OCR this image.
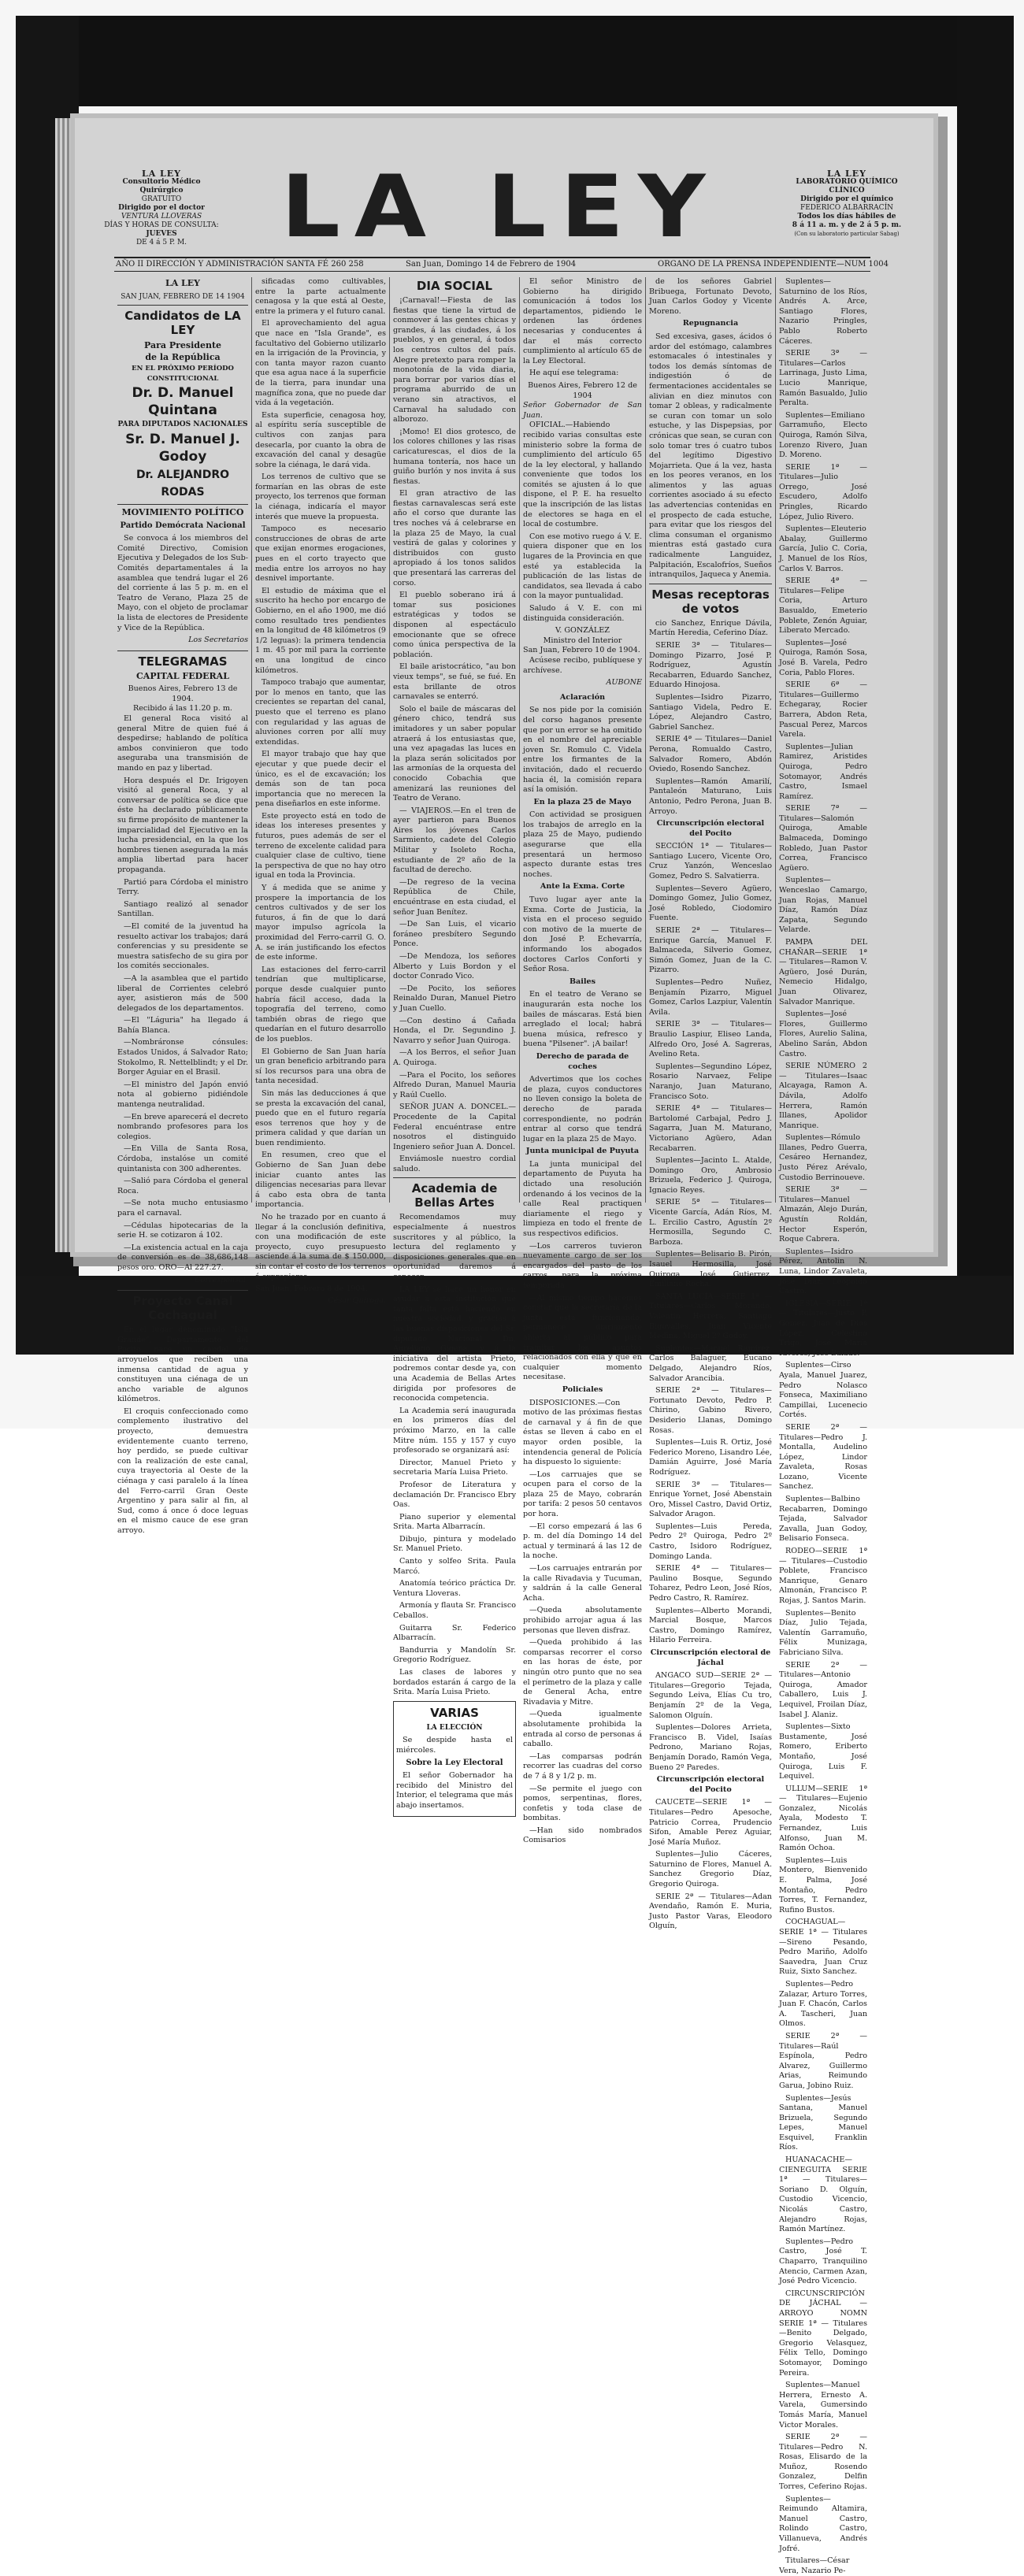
LA LEY
Consultorio Médico Quirúrgico
GRATUITO
Dirigido por el doctor
VENTURA LLOVERAS
DÍAS Y HORAS DE CONSULTA:
JUEVES
DE 4 á 5 P. M.	LA LEY	LA LEY
LABORATORIO QUÍMICO CLÍNICO
Dirigido por el químico
FEDERICO ALBARRACÍN
Todos los días hábiles de
8 á 11 a. m. y de 2 á 5 p. m.
(Con su laboratorio particular Sabag)
AÑO II DIRECCIÓN Y ADMINISTRACIÓN SANTA FÉ 260 258	San Juan, Domingo 14 de Febrero de 1904	ORGANO DE LA PRENSA INDEPENDIENTE—NUM 1004
LA LEY
SAN JUAN, FEBRERO DE 14 1904
Candidatos de LA LEY
Para Presidente
de la República
EN EL PRÓXIMO PERÍODO CONSTITUCIONAL
Dr. D. Manuel Quintana
PARA DIPUTADOS NACIONALES
Sr. D. Manuel J. Godoy
Dr. ALEJANDRO RODAS
MOVIMIENTO POLÍTICO
Partido Demócrata Nacional

Se convoca á los miembros del Comité Directivo, Comision Ejecutiva y Delegados de los Sub-Comités departamentales á la asamblea que tendrá lugar el 26 del corriente á las 5 p. m. en el Teatro de Verano, Plaza 25 de Mayo, con el objeto de proclamar la lista de electores de Presidente y Vice de la República.

Los Secretarios
TELEGRAMAS
CAPITAL FEDERAL
Buenos Aires, Febrero 13 de 1904.
Recibido á las 11.20 p. m.

El general Roca visitó al general Mitre de quien fué á despedirse; hablando de política ambos convinieron que todo aseguraba una transmisión de mando en paz y libertad.

Hora después el Dr. Irigoyen visitó al general Roca, y al conversar de política se dice que éste ha declarado públicamente su firme propósito de mantener la imparcialidad del Ejecutivo en la lucha presidencial, en la que los hombres tienen asegurada la más amplia libertad para hacer propaganda.

Partió para Córdoba el ministro Terry.

Santiago realizó al senador Santillan.

—El comité de la juventud ha resuelto activar los trabajos; dará conferencias y su presidente se muestra satisfecho de su gira por los comités seccionales.

—A la asamblea que el partido liberal de Corrientes celebró ayer, asistieron más de 500 delegados de los departamentos.

—El "Láguria" ha llegado á Bahía Blanca.

—Nombráronse cónsules: Estados Unidos, á Salvador Rato; Stokolmo, R. Nettelblindt; y el Dr. Borger Aguiar en el Brasil.

—El ministro del Japón envió nota al gobierno pidiéndole mantenga neutralidad.

—En breve aparecerá el decreto nombrando profesores para los colegios.

—En Villa de Santa Rosa, Córdoba, instalóse un comité quintanista con 300 adherentes.

—Salió para Córdoba el general Roca.

—Se nota mucho entusiasmo para el carnaval.

—Cédulas hipotecarias de la serie H. se cotizaron á 102.

—La existencia actual en la caja de conversión es de 38,686,148 pesos oro. ORO—Al 227.27.

Corresponsal.
Proyecto Canal Cochagual

En el lugar denominado "Isla Grande", Departamento del Pocito, nace un caudal de arroyuelos que reciben una inmensa cantidad de agua y constituyen una ciénaga de un ancho variable de algunos kilómetros.

El croquis confeccionado como complemento ilustrativo del proyecto, demuestra evidentemente cuanto terreno, hoy perdido, se puede cultivar con la realización de este canal, cuya trayectoria al Oeste de la ciénaga y casi paralelo á la línea del Ferro-carril Gran Oeste Argentino y para salir al fin, al Sud, como á once ó doce leguas en el mismo cauce de ese gran arroyo.

sificadas como cultivables, entre la parte actualmente cenagosa y la que está al Oeste, entre la primera y el futuro canal.

El aprovechamiento del agua que nace en "Isla Grande", es facultativo del Gobierno utilizarlo en la irrigación de la Provincia, y con tanta mayor razon cuanto que esa agua nace á la superficie de la tierra, para inundar una magnífica zona, que no puede dar vida á la vegetación.

Esta superficie, cenagosa hoy, al espíritu sería susceptible de cultivos con zanjas para desecarla, por cuanto la obra de excavación del canal y desagüe sobre la ciénaga, le dará vida.

Los terrenos de cultivo que se formarían en las obras de este proyecto, los terrenos que forman la ciénaga, indicaría el mayor interés que mueve la propuesta.

Tampoco es necesario construcciones de obras de arte que exijan enormes erogaciones, pues en el corto trayecto que media entre los arroyos no hay desnivel importante.

El estudio de máxima que el suscrito ha hecho por encargo de Gobierno, en el año 1900, me dió como resultado tres pendientes en la longitud de 48 kilómetros (9 1/2 leguas): la primera tendencia 1 m. 45 por mil para la corriente en una longitud de cinco kilómetros.

Tampoco trabajo que aumentar, por lo menos en tanto, que las crecientes se repartan del canal, puesto que el terreno es plano con regularidad y las aguas de aluviones corren por allí muy extendidas.

El mayor trabajo que hay que ejecutar y que puede decir el único, es el de excavación; los demás son de tan poca importancia que no merecen la pena diseñarlos en este informe.

Este proyecto está en todo de ideas los intereses presentes y futuros, pues además de ser el terreno de excelente calidad para cualquier clase de cultivo, tiene la perspectiva de que no hay otro igual en toda la Provincia.

Y á medida que se anime y prospere la importancia de los centros cultivados y de ser los futuros, á fin de que lo dará mayor impulso agrícola la proximidad del Ferro-carril G. O. A. se irán justificando los efectos de este informe.

Las estaciones del ferro-carril tendrían que multiplicarse, porque desde cualquier punto habría fácil acceso, dada la topografía del terreno, como también obras de riego que quedarían en el futuro desarrollo de los pueblos.

El Gobierno de San Juan haría un gran beneficio arbitrando para sí los recursos para una obra de tanta necesidad.

Sin más las deducciones á que se presta la excavación del canal, puedo que en el futuro regaría esos terrenos que hoy y de primera calidad y que darían un buen rendimiento.

En resumen, creo que el Gobierno de San Juan debe iniciar cuanto antes las diligencias necesarias para llevar á cabo esta obra de tanta importancia.

No he trazado por en cuanto á llegar á la conclusión definitiva, con una modificación de este proyecto, cuyo presupuesto asciende á la suma de $ 150.000, sin contar el costo de los terrenos á expropiarse.

San Juan, Febrero 8 de 1904.
César Quiroga.
DIA SOCIAL

¡Carnaval!—Fiesta de las fiestas que tiene la virtud de conmover á las gentes chicas y grandes, á las ciudades, á los pueblos, y en general, á todos los centros cultos del país. Alegre pretexto para romper la monotonía de la vida diaria, para borrar por varios días el programa aburrido de un verano sin atractivos, el Carnaval ha saludado con alborozo.

¡Momo! El dios grotesco, de los colores chillones y las risas caricaturescas, el dios de la humana tontería, nos hace un guiño burlón y nos invita á sus fiestas.

El gran atractivo de las fiestas carnavalescas será este año el corso que durante las tres noches vá á celebrarse en la plaza 25 de Mayo, la cual vestirá de galas y colorines y distribuidos con gusto apropiado á los tonos salidos que presentará las carreras del corso.

El pueblo soberano irá á tomar sus posiciones estratégicas y todos se disponen al espectáculo emocionante que se ofrece como única perspectiva de la población.

El baile aristocrático, "au bon vieux temps", se fué, se fué. En esta brillante de otros carnavales se enterró.

Solo el baile de máscaras del género chico, tendrá sus imitadores y un saber popular atraerá á los entusiastas que, una vez apagadas las luces en la plaza serán solicitados por las armonías de la orquesta del conocido Cobachia que amenizará las reuniones del Teatro de Verano.

— VIAJEROS.—En el tren de ayer partieron para Buenos Aires los jóvenes Carlos Sarmiento, cadete del Colegio Militar y Isoleto Rocha, estudiante de 2º año de la facultad de derecho.

—De regreso de la vecina República de Chile, encuéntrase en esta ciudad, el señor Juan Benítez.

—De San Luis, el vicario foráneo presbítero Segundo Ponce.

—De Mendoza, los señores Alberto y Luis Bordon y el doctor Conrado Vico.

—De Pocito, los señores Reinaldo Duran, Manuel Pietro y Juan Cuello.

—Con destino á Cañada Honda, el Dr. Segundino J. Navarro y señor Juan Quiroga.

—A los Berros, el señor Juan A. Quiroga.

—Para el Pocito, los señores Alfredo Duran, Manuel Mauria y Raúl Cuello.

SEÑOR JUAN A. DONCEL.—Procedente de la Capital Federal encuéntrase entre nosotros el distinguido Ingeniero señor Juan A. Doncel.

Enviámosle nuestro cordial saludo.

Academia de Bellas Artes

Recomendamos muy especialmente á nuestros suscritores y al público, la lectura del reglamento y disposiciones generales que en oportunidad daremos á conocer.

LA LEY se hace un honor en ayudar á esta institución que tanta falta está haciendo en nuestra sociedad, y gracias á las buenas disposiciones del Sr. diputado Nacional Dn. Aureliano Gigena, y á la iniciativa del artista Prieto, podremos contar desde ya, con una Academia de Bellas Artes dirigida por profesores de reconocida competencia.

La Academia será inaugurada en los primeros días del próximo Marzo, en la calle Mitre núm. 155 y 157 y cuyo profesorado se organizará así:

Director, Manuel Prieto y secretaria María Luisa Prieto.

Profesor de Literatura y declamación Dr. Francisco Ebry Oas.

Piano superior y elemental Srita. Marta Albarracín.

Dibujo, pintura y modelado Sr. Manuel Prieto.

Canto y solfeo Srita. Paula Marcó.

Anatomía teórico práctica Dr. Ventura Lloveras.

Armonía y flauta Sr. Francisco Ceballos.

Guitarra Sr. Federico Albarracín.

Bandurria y Mandolín Sr. Gregorio Rodríguez.

Las clases de labores y bordados estarán á cargo de la Srita. María Luisa Prieto.

VARIAS
LA ELECCIÓN

Se despide hasta el miércoles.

Sobre la Ley Electoral

El señor Gobernador ha recibido del Ministro del Interior, el telegrama que más abajo insertamos.

El señor Ministro de Gobierno ha dirigido comunicación á todos los departamentos, pidiendo le ordenen las órdenes necesarias y conducentes á dar el más correcto cumplimiento al artículo 65 de la Ley Electoral.

He aquí ese telegrama:

Buenos Aires, Febrero 12 de 1904
Señor Gobernador de San Juan.

OFICIAL.—Habiendo recibido varias consultas este ministerio sobre la forma de cumplimiento del artículo 65 de la ley electoral, y hallando conveniente que todos los comités se ajusten á lo que dispone, el P. E. ha resuelto que la inscripción de las listas de electores se haga en el local de costumbre.

Con ese motivo ruego á V. E. quiera disponer que en los lugares de la Provincia en que esté ya establecida la publicación de las listas de candidatos, sea llevada á cabo con la mayor puntualidad.

Saludo á V. E. con mi distinguida consideración.

V. GONZÁLEZ
Ministro del Interior
San Juan, Febrero 10 de 1904.

Acúsese recibo, publíquese y archívese.

AUBONE
Aclaración

Se nos pide por la comisión del corso haganos presente que por un error se ha omitido en el nombre del apreciable joven Sr. Romulo C. Videla entre los firmantes de la invitación, dado el recuerdo hacia él, la comisión repara así la omisión.

En la plaza 25 de Mayo

Con actividad se prosiguen los trabajos de arreglo en la plaza 25 de Mayo, pudiendo asegurarse que ella presentará un hermoso aspecto durante estas tres noches.

Ante la Exma. Corte

Tuvo lugar ayer ante la Exma. Corte de Justicia, la vista en el proceso seguido con motivo de la muerte de don José P. Echevarría, informando los abogados doctores Carlos Conforti y Señor Rosa.

Bailes

En el teatro de Verano se inaugurarán esta noche los bailes de máscaras. Está bien arreglado el local; habrá buena música, refresco y buena "Pilsener". ¡A bailar!

Derecho de parada de coches

Advertimos que los coches de plaza, cuyos conductores no lleven consigo la boleta de derecho de parada correspondiente, no podrán entrar al corso que tendrá lugar en la plaza 25 de Mayo.

Junta municipal de Puyuta

La junta municipal del departamento de Puyuta ha dictado una resolución ordenando á los vecinos de la calle Real practiquen diariamente el riego y limpieza en todo el frente de sus respectivos edificios.

—Los carreros tuvieron nuevamente cargo de ser los encargados del pasto de los carros, para la próxima temporada.

—Al mismo tiempo hacemos constar que la secretaría de la junta está funcionando, permanece diariamente abierta al público para tramitar los asuntos relacionados con ella y que en cualquier momento necesitase.

Policiales

DISPOSICIONES.—Con motivo de las próximas fiestas de carnaval y á fin de que éstas se lleven á cabo en el mayor orden posible, la intendencia general de Policía ha dispuesto lo siguiente:

—Los carruajes que se ocupen para el corso de la plaza 25 de Mayo, cobrarán por tarifa: 2 pesos 50 centavos por hora.

—El corso empezará á las 6 p. m. del día Domingo 14 del actual y terminará á las 12 de la noche.

—Los carruajes entrarán por la calle Rivadavia y Tucuman, y saldrán á la calle General Acha.

—Queda absolutamente prohibido arrojar agua á las personas que lleven disfraz.

—Queda prohibido á las comparsas recorrer el corso en las horas de éste, por ningún otro punto que no sea el perímetro de la plaza y calle de General Acha, entre Rivadavia y Mitre.

—Queda igualmente absolutamente prohibida la entrada al corso de personas á caballo.

—Las comparsas podrán recorrer las cuadras del corso de 7 á 8 y 1/2 p. m.

—Se permite el juego con pomos, serpentinas, flores, confetis y toda clase de bombitas.

—Han sido nombrados Comisarios

de los señores Gabriel Bribuega, Fortunato Devoto, Juan Carlos Godoy y Vicente Moreno.

Repugnancia

Sed excesiva, gases, ácidos ó ardor del estómago, calambres estomacales ó intestinales y todos los demás síntomas de indigestión ó de fermentaciones accidentales se alivian en diez minutos con tomar 2 obleas, y radicalmente se curan con tomar un solo estuche, y las Dispepsias, por crónicas que sean, se curan con solo tomar tres ó cuatro tubos del legítimo Digestivo Mojarrieta. Que á la vez, hasta en los peores veranos, en los alimentos y las aguas corrientes asociado á su efecto las advertencias contenidas en el prospecto de cada estuche, para evitar que los riesgos del clima consuman el organismo mientras está gastado cura radicalmente Languidez, Palpitación, Escalofríos, Sueños intranquilos, Jaqueca y Anemia.

Mesas receptoras de votos

cio Sanchez, Enrique Dávila, Martín Heredia, Ceferino Díaz.

SERIE 3ª — Titulares—Domingo Pizarro, José P. Rodríguez, Agustín Recabarren, Eduardo Sanchez, Eduardo Hinojosa.

Suplentes—Isidro Pizarro, Santiago Videla, Pedro E. López, Alejandro Castro, Gabriel Sanchez.

SERIE 4ª — Titulares—Daniel Perona, Romualdo Castro, Salvador Romero, Abdón Oviedo, Rosendo Sanchez.

Suplentes—Ramón Amarilí, Pantaleón Maturano, Luis Antonio, Pedro Perona, Juan B. Arroyo.

Circunscripción electoral del Pocito

SECCIÓN 1ª — Titulares—Santiago Lucero, Vicente Oro, Cruz Yanzón, Wenceslao Gomez, Pedro S. Salvatierra.

Suplentes—Severo Agüero, Domingo Gomez, Julio Gomez, José Robledo, Ciodomiro Fuente.

SERIE 2ª — Titulares—Enrique García, Manuel F. Balmaceda, Silverio Gomez, Simón Gomez, Juan de la C. Pizarro.

Suplentes—Pedro Nuñez, Benjamín Pizarro, Miguel Gomez, Carlos Lazpiur, Valentín Avila.

SERIE 3ª — Titulares—Braulio Laspiur, Eliseo Landa, Alfredo Oro, José A. Sagreras, Avelino Reta.

Suplentes—Segundino López, Rosario Narvaez, Felipe Naranjo, Juan Maturano, Francisco Soto.

SERIE 4ª — Titulares—Bartolomé Carbajal, Pedro J. Sagarra, Juan M. Maturano, Victoriano Agüero, Adan Recabarren.

Suplentes—Jacinto L. Atalde, Domingo Oro, Ambrosio Brizuela, Federico J. Quiroga, Ignacio Reyes.

SERIE 5ª — Titulares—Vicente García, Adán Ríos, M. L. Ercilio Castro, Agustín 2º Hermosilla, Segundo C. Barboza.

Suplentes—Belisario B. Pirón, Isauel Hermosilla, José Quiroga, José Gutierrez, Emiliano Rocha.

SANTA LUCÍA—SERIE 1ª — Titulares—Carlos Morando, Valentín Herrera, Santiago Bigovalles, Juan Vicente Medina, Miguel 2º Godoy.

Suplentes—Manuel Ramírez, Carlos Balaguer, Eucano Delgado, Alejandro Ríos, Salvador Arancibia.

SERIE 2ª — Titulares—Fortunato Devoto, Pedro P. Chirino, Gabino Rivero, Desiderio Llanas, Domingo Rosas.

Suplentes—Luis R. Ortiz, José Federico Moreno, Lisandro Lée, Damián Aguirre, José María Rodríguez.

SERIE 3ª — Titulares—Enrique Yornet, José Abenstain Oro, Missel Castro, David Ortiz, Salvador Aragon.

Suplentes—Luis Pereda, Pedro 2º Quiroga, Pedro 2º Castro, Isidoro Rodríguez, Domingo Landa.

SERIE 4ª — Titulares—Paulino Bosque, Segundo Toharez, Pedro Leon, José Ríos, Pedro Castro, R. Ramírez.

Suplentes—Alberto Morandi, Marcial Bosque, Marcos Castro, Domingo Ramírez, Hilario Ferreira.

Circunscripción electoral de Jáchal

ANGACO SUD—SERIE 2ª — Titulares—Gregorio Tejada, Segundo Leiva, Elías Cu tro, Benjamín 2º de la Vega, Salomon Olguín.

Suplentes—Dolores Arrieta, Francisco B. Videl, Isaías Pedrono, Mariano Rojas, Benjamín Dorado, Ramón Vega, Bueno 2º Paredes.

Circunscripción electoral del Pocito

CAUCETE—SERIE 1ª — Titulares—Pedro Apesoche, Patricio Correa, Prudencio Sifon, Amable Perez Aguiar, José María Muñoz.

Suplentes—Julio Cáceres, Saturnino de Flores, Manuel A. Sanchez Gregorio Díaz, Gregorio Quiroga.

SERIE 2ª — Titulares—Adan Avendaño, Ramón E. Muria, Justo Pastor Varas, Eleodoro Olguín,

Suplentes—Saturnino de los Ríos, Andrés A. Arce, Santiago Flores, Nazario Pringles, Pablo Roberto Cáceres.

SERIE 3ª — Titulares—Carlos Larrinaga, Justo Lima, Lucio Manrique, Ramón Basualdo, Julio Peralta.

Suplentes—Emiliano Garramuño, Electo Quiroga, Ramón Silva, Lorenzo Rivero, Juan D. Moreno.

SERIE 1ª — Titulares—Julio Orrego, José Escudero, Adolfo Pringles, Ricardo López, Julio Rivero.

Suplentes—Eleuterio Abalay, Guillermo García, Julio C. Coria, J. Manuel de los Ríos, Carlos V. Barros.

SERIE 4ª — Titulares—Felipe Coria, Arturo Basualdo, Emeterio Poblete, Zenón Aguiar, Liberato Mercado.

Suplentes—José Quiroga, Ramón Sosa, José B. Varela, Pedro Coria, Pablo Flores.

SERIE 6ª — Titulares—Guillermo Echegaray, Rocier Barrera, Abdon Reta, Pascual Perez, Marcos Varela.

Suplentes—Julian Ramirez, Aristides Quiroga, Pedro Sotomayor, Andrés Castro, Ismael Ramírez.

SERIE 7ª — Titulares—Salomón Quiroga, Amable Balmaceda, Domingo Robledo, Juan Pastor Correa, Francisco Agüero.

Suplentes—Wenceslao Camargo, Juan Rojas, Manuel Díaz, Ramón Díaz Zapata, Segundo Velarde.

PAMPA DEL CHAÑAR—SERIE 1ª — Titulares—Ramon V. Agüero, José Durán, Nemecio Hidalgo, Juan Olivarez, Salvador Manrique.

Suplentes—José Flores, Guillermo Flores, Aurelio Salina, Abelino Sarán, Abdon Castro.

SERIE NÚMERO 2 — Titulares—Isaac Alcayaga, Ramon A. Dávila, Adolfo Herrera, Ramón Illanes, Apolidor Manrique.

Suplentes—Rómulo Illanes, Pedro Guerra, Cesáreo Hernandez, Justo Pérez Arévalo, Custodio Berrinoueve.

SERIE 3ª — Titulares—Manuel Almazán, Alejo Durán, Agustín Roldán, Hector Esperón, Roque Cabrera.

Suplentes—Isidro Pérez, Antolin N. Luna, Lindor Zavaleta, José Díaz, Leopoldo Castro.

IGLESIA—SERIE 1ª — Titulares—Justo P. Gomez, Juan de Dios López, Celestino Trigo, José María Riveros, José Balado.

Suplentes—Cirso Ayala, Manuel Juarez, Pedro Nolasco Fonseca, Maximiliano Campillai, Lucenecio Cortés.

SERIE 2ª — Titulares—Pedro J. Montalla, Audelino López, Lindor Zavaleta, Rosas Lozano, Vicente Sanchez.

Suplentes—Balbino Recabarren, Domingo Tejada, Salvador Zavalla, Juan Godoy, Belisario Fonseca.

RODEO—SERIE 1ª — Titulares—Custodio Poblete, Francisco Manrique, Genaro Almonán, Francisco P. Rojas, J. Santos Marin.

Suplentes—Benito Díaz, Julio Tejada, Valentín Garramuño, Félix Munizaga, Fabriciano Silva.

SERIE 2ª — Titulares—Antonio Quiroga, Amador Caballero, Luis J. Lequivel, Froilan Díaz, Isabel J. Alaniz.

Suplentes—Sixto Bustamente, José Romero, Eriberto Montaño, José Quiroga, Luis F. Lequivel.

ULLUM—SERIE 1ª — Titulares—Eujenio Gonzalez, Nicolás Ayala, Modesto T. Fernandez, Luis Alfonso, Juan M. Ramón Ochoa.

Suplentes—Luis Montero, Bienvenido E. Palma, José Montaño, Pedro Torres, T. Fernandez, Rufino Bustos.

COCHAGUAL—SERIE 1ª — Titulares—Sireno Pesando, Pedro Mariño, Adolfo Saavedra, Juan Cruz Ruiz, Sixto Sanchez.

Suplentes—Pedro Zalazar, Arturo Torres, Juan F. Chacón, Carlos A. Tascheri, Juan Olmos.

SERIE 2ª — Titulares—Raúl Espínola, Pedro Alvarez, Guillermo Arias, Reimundo Garua, Jobino Ruiz.

Suplentes—Jesús Santana, Manuel Brizuela, Segundo Lepes, Manuel Esquivel, Franklin Ríos.

HUANACACHE—CIENEGUITA SERIE 1ª — Titulares—Soriano D. Olguín, Custodio Vicencio, Nicolás Castro, Alejandro Rojas, Ramón Martínez.

Suplentes—Pedro Castro, José T. Chaparro, Tranquilino Atencio, Carmen Azan, José Pedro Vicencio.

CIRCUNSCRIPCIÓN DE JÁCHAL — ARROYO NOMN SERIE 1ª — Titulares—Benito Delgado, Gregorio Velasquez, Félix Tello, Domingo Sotomayor, Domingo Pereira.

Suplentes—Manuel Herrera, Ernesto A. Varela, Gumersindo Tomás María, Manuel Victor Morales.

SERIE 2ª — Titulares—Pedro N. Rosas, Elisardo de la Muñoz, Rosendo Gonzalez, Delfin Torres, Ceferino Rojas.

Suplentes—Reimundo Altamira, Manuel Castro, Rolindo Castro, Villanueva, Andrés Jofré.

Titulares—César Vera, Nazario Pe-
